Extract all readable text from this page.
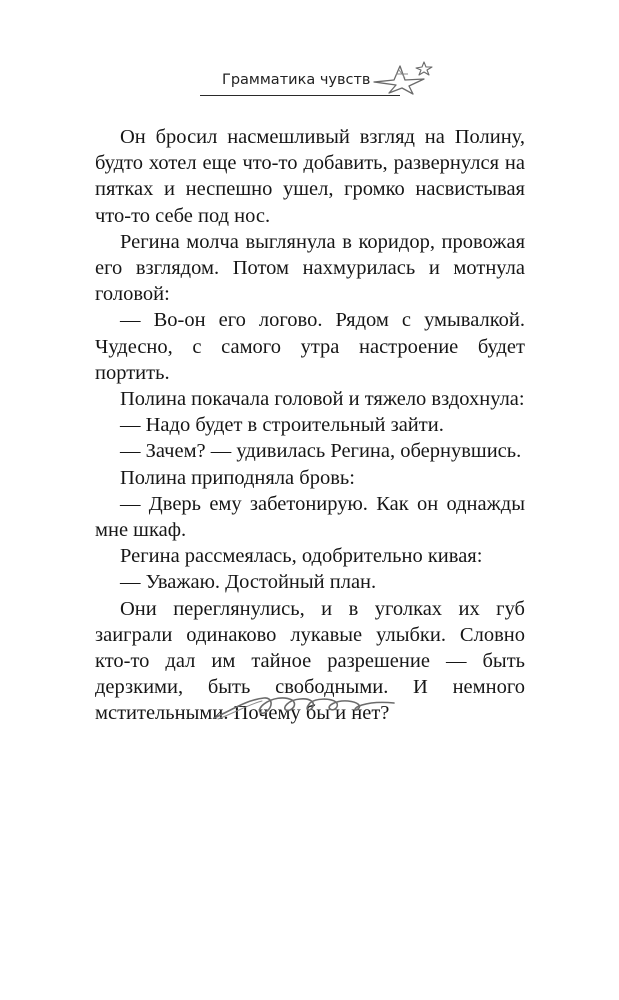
Грамматика чувств

Он бросил насмешливый взгляд на Полину, будто хотел еще что-то добавить, развернулся на пятках и неспешно ушел, громко насвистывая что-то себе под нос.

Регина молча выглянула в коридор, провожая его взглядом. Потом нахмурилась и мотнула головой:

— Во-он его логово. Рядом с умывалкой. Чудесно, с самого утра настроение будет портить.

Полина покачала головой и тяжело вздохнула:

— Надо будет в строительный зайти.

— Зачем? — удивилась Регина, обернувшись.

Полина приподняла бровь:

— Дверь ему забетонирую. Как он однажды мне шкаф.

Регина рассмеялась, одобрительно кивая:

— Уважаю. Достойный план.

Они переглянулись, и в уголках их губ заиграли одинаково лукавые улыбки. Словно кто-то дал им тайное разрешение — быть дерзкими, быть свободными. И немного мстительными. Почему бы и нет?
